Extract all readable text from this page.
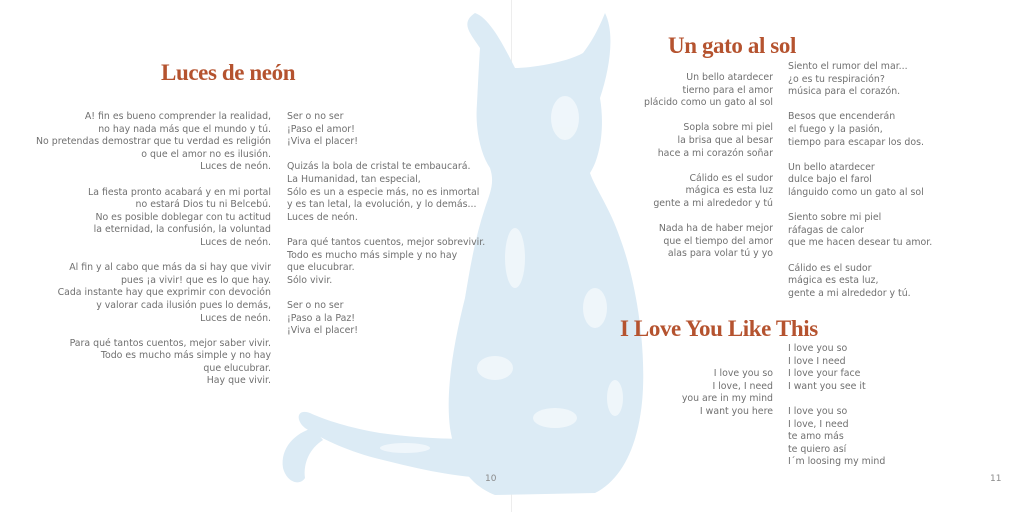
Luces de neón
A! fin es bueno comprender la realidad,
no hay nada más que el mundo y tú.
No pretendas demostrar que tu verdad es religión
o que el amor no es ilusión.
Luces de neón.
La fiesta pronto acabará y en mi portal
no estará Dios tu ni Belcebú.
No es posible doblegar con tu actitud
la eternidad, la confusión, la voluntad
Luces de neón.
Al fin y al cabo que más da si hay que vivir
pues ¡a vivir! que es lo que hay.
Cada instante hay que exprimir con devoción
y valorar cada ilusión pues lo demás,
Luces de neón.
Para qué tantos cuentos, mejor saber vivir.
Todo es mucho más simple y no hay
que elucubrar.
Hay que vivir.
Ser o no ser
¡Paso el amor!
¡Viva el placer!
Quizás la bola de cristal te embaucará.
La Humanidad, tan especial,
Sólo es un a especie más, no es inmortal
y es tan letal, la evolución, y lo demás...
Luces de neón.
Para qué tantos cuentos, mejor sobrevivir.
Todo es mucho más simple y no hay
que elucubrar.
Sólo vivir.
Ser o no ser
¡Paso a la Paz!
¡Viva el placer!
Un gato al sol
Un bello atardecer
tierno para el amor
plácido como un gato al sol
Sopla sobre mi piel
la brisa que al besar
hace a mi corazón soñar
Cálido es el sudor
mágica es esta luz
gente a mi alrededor y tú
Nada ha de haber mejor
que el tiempo del amor
alas para volar tú y yo
Siento el rumor del mar...
¿o es tu respiración?
música para el corazón.
Besos que encenderán
el fuego y la pasión,
tiempo para escapar los dos.
Un bello atardecer
dulce bajo el farol
lánguido como un gato al sol
Siento sobre mi piel
ráfagas de calor
que me hacen desear tu amor.
Cálido es el sudor
mágica es esta luz,
gente a mi alrededor y tú.
I Love You Like This
I love you so
I love, I need
you are in my mind
I want you here
I love you so
I love I need
I love your face
I want you see it
I love you so
I love, I need
te amo más
te quiero así
I´m loosing my mind
10	11
